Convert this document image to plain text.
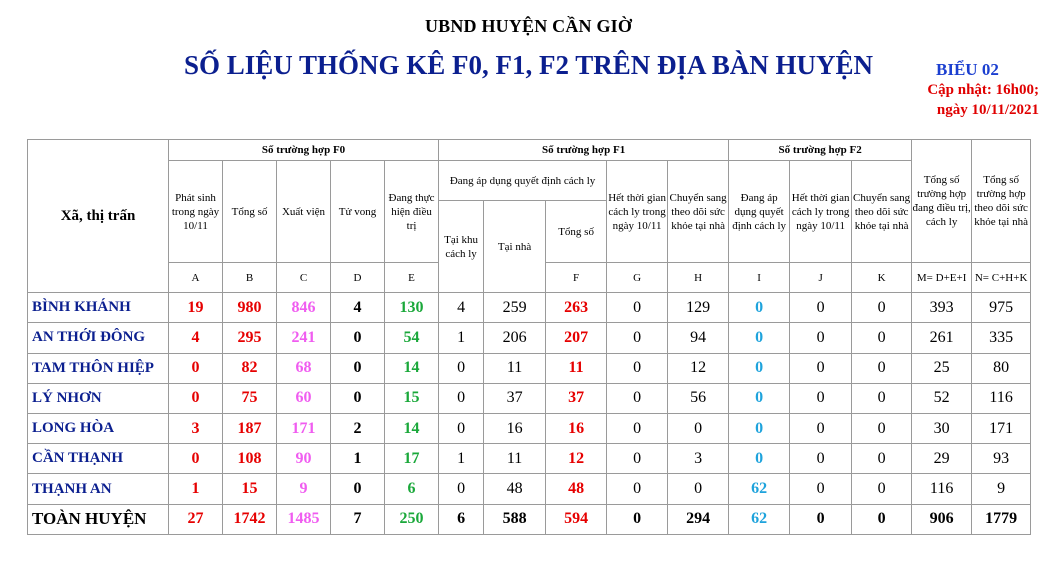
UBND HUYỆN CẦN GIỜ
SỐ LIỆU THỐNG KÊ F0, F1, F2 TRÊN ĐỊA BÀN HUYỆN	BIỂU 02
Cập nhật: 16h00;
ngày 10/11/2021
Xã, thị trấn	Số trường hợp F0					Số trường hợp F1					Số trường hợp F2			Tổng số trường hợp đang điều trị, cách ly	Tổng số trường hợp theo dõi sức khỏe tại nhà
	Phát sinh trong ngày 10/11	Tổng số	Xuất viện	Tử vong	Đang thực hiện điều trị	Đang áp dụng quyết định cách ly			Hết thời gian cách ly trong ngày 10/11	Chuyển sang theo dõi sức khỏe tại nhà	Đang áp dụng quyết định cách ly	Hết thời gian cách ly trong ngày 10/11	Chuyển sang theo dõi sức khỏe tại nhà		
						Tại khu cách ly	Tại nhà	Tổng số							
	A	B	C	D	E			F	G	H	I	J	K	M= D+E+I	N= C+H+K
BÌNH KHÁNH	19	980	846	4	130	4	259	263	0	129	0	0	0	393	975
AN THỚI ĐÔNG	4	295	241	0	54	1	206	207	0	94	0	0	0	261	335
TAM THÔN HIỆP	0	82	68	0	14	0	11	11	0	12	0	0	0	25	80
LÝ NHƠN	0	75	60	0	15	0	37	37	0	56	0	0	0	52	116
LONG HÒA	3	187	171	2	14	0	16	16	0	0	0	0	0	30	171
CẦN THẠNH	0	108	90	1	17	1	11	12	0	3	0	0	0	29	93
THẠNH AN	1	15	9	0	6	0	48	48	0	0	62	0	0	116	9
TOÀN HUYỆN	27	1742	1485	7	250	6	588	594	0	294	62	0	0	906	1779
